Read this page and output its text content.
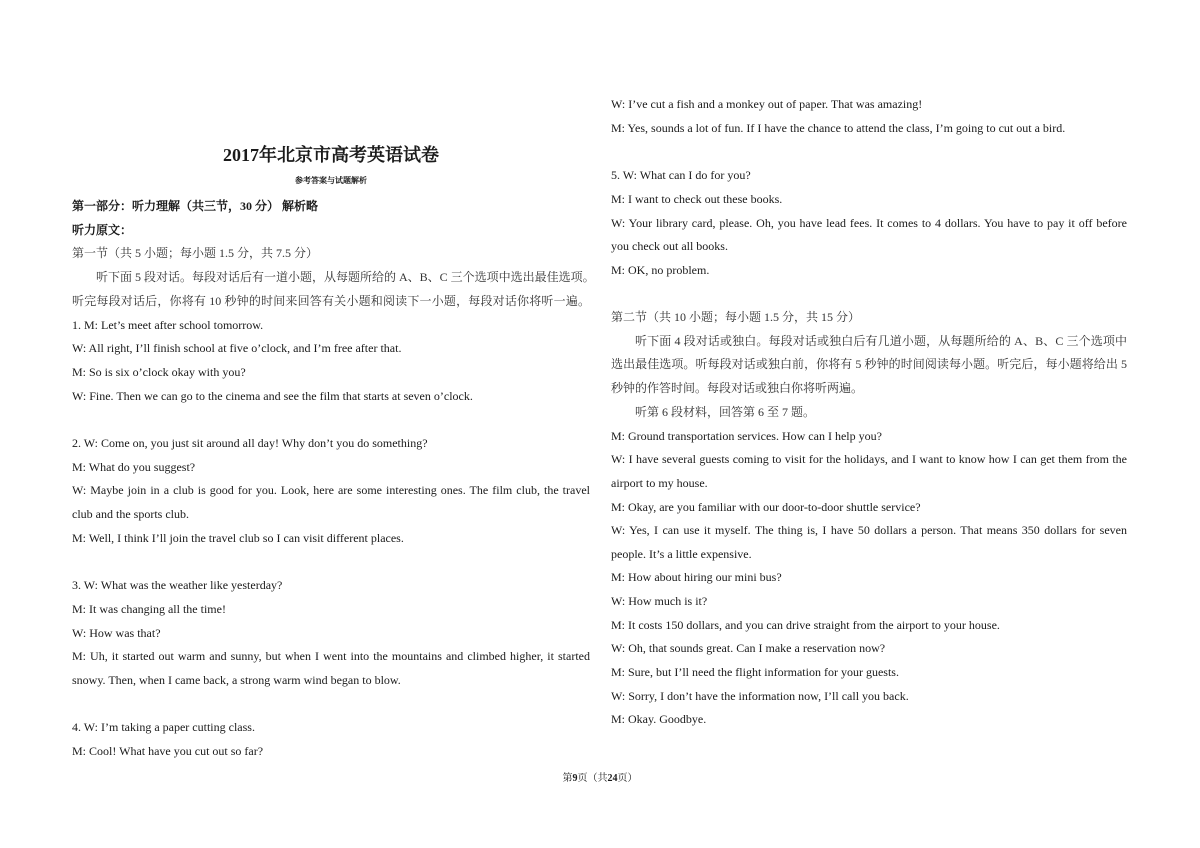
2017年北京市高考英语试卷
参考答案与试题解析
第一部分：听力理解（共三节，30 分） 解析略
听力原文：
第一节（共 5 小题；每小题 1.5 分，共 7.5 分）
听下面 5 段对话。每段对话后有一道小题，从每题所给的 A、B、C 三个选项中选出最佳选项。
听完每段对话后，你将有 10 秒钟的时间来回答有关小题和阅读下一小题，每段对话你将听一遍。
1. M: Let’s meet after school tomorrow.
W: All right, I’ll finish school at five o’clock, and I’m free after that.
M: So is six o’clock okay with you?
W: Fine. Then we can go to the cinema and see the film that starts at seven o’clock.
2. W: Come on, you just sit around all day! Why don’t you do something?
M: What do you suggest?
W: Maybe join in a club is good for you. Look, here are some interesting ones. The film club, the travel
club and the sports club.
M: Well, I think I’ll join the travel club so I can visit different places.
3. W: What was the weather like yesterday?
M: It was changing all the time!
W: How was that?
M: Uh, it started out warm and sunny, but when I went into the mountains and climbed higher, it started
snowy. Then, when I came back, a strong warm wind began to blow.
4. W: I’m taking a paper cutting class.
M: Cool! What have you cut out so far?
W: I’ve cut a fish and a monkey out of paper. That was amazing!
M: Yes, sounds a lot of fun. If I have the chance to attend the class, I’m going to cut out a bird.
5. W: What can I do for you?
M: I want to check out these books.
W: Your library card, please. Oh, you have lead fees. It comes to 4 dollars. You have to pay it off before
you check out all books.
M: OK, no problem.
第二节（共 10 小题；每小题 1.5 分，共 15 分）
听下面 4 段对话或独白。每段对话或独白后有几道小题，从每题所给的 A、B、C 三个选项中
选出最佳选项。听每段对话或独白前，你将有 5 秒钟的时间阅读每小题。听完后，每小题将给出 5
秒钟的作答时间。每段对话或独白你将听两遍。
听第 6 段材料，回答第 6 至 7 题。
M: Ground transportation services. How can I help you?
W: I have several guests coming to visit for the holidays, and I want to know how I can get them from the
airport to my house.
M: Okay, are you familiar with our door-to-door shuttle service?
W: Yes, I can use it myself. The thing is, I have 50 dollars a person. That means 350 dollars for seven
people. It’s a little expensive.
M: How about hiring our mini bus?
W: How much is it?
M: It costs 150 dollars, and you can drive straight from the airport to your house.
W: Oh, that sounds great. Can I make a reservation now?
M: Sure, but I’ll need the flight information for your guests.
W: Sorry, I don’t have the information now, I’ll call you back.
M: Okay. Goodbye.
第9页（共24页）
